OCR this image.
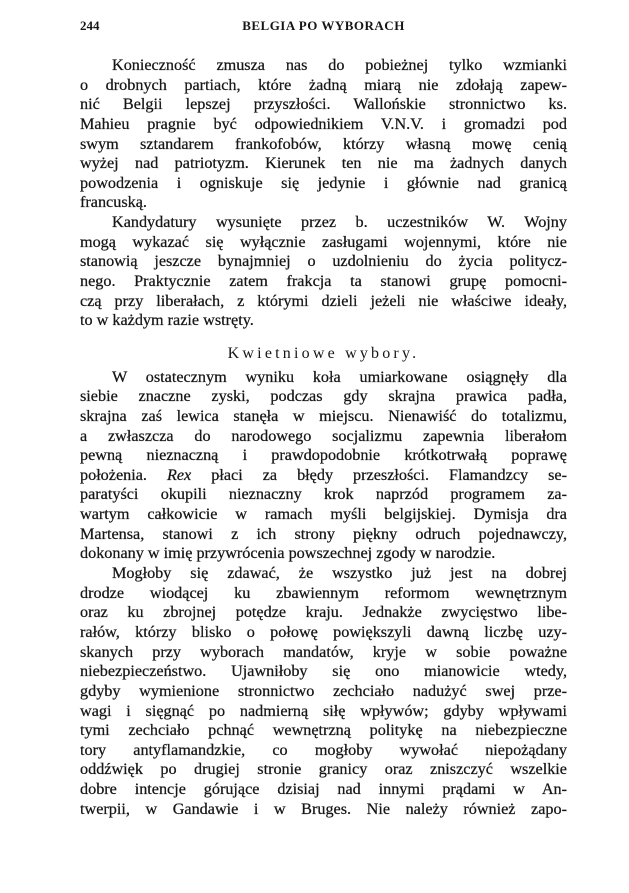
244	BELGIA PO WYBORACH
Konieczność zmusza nas do pobieżnej tylko wzmianki
o drobnych partiach, które żadną miarą nie zdołają zapew-
nić Belgii lepszej przyszłości. Wallońskie stronnictwo ks.
Mahieu pragnie być odpowiednikiem V.N.V. i gromadzi pod
swym sztandarem frankofobów, którzy własną mowę cenią
wyżej nad patriotyzm. Kierunek ten nie ma żadnych danych
powodzenia i ogniskuje się jedynie i głównie nad granicą
francuską.
Kandydatury wysunięte przez b. uczestników W. Wojny
mogą wykazać się wyłącznie zasługami wojennymi, które nie
stanowią jeszcze bynajmniej o uzdolnieniu do życia politycz-
nego. Praktycznie zatem frakcja ta stanowi grupę pomocni-
czą przy liberałach, z którymi dzieli jeżeli nie właściwe ideały,
to w każdym razie wstręty.
Kwietniowe wybory.
W ostatecznym wyniku koła umiarkowane osiągnęły dla
siebie znaczne zyski, podczas gdy skrajna prawica padła,
skrajna zaś lewica stanęła w miejscu. Nienawiść do totalizmu,
a zwłaszcza do narodowego socjalizmu zapewnia liberałom
pewną nieznaczną i prawdopodobnie krótkotrwałą poprawę
położenia. Rex płaci za błędy przeszłości. Flamandzcy se-
paratyści okupili nieznaczny krok naprzód programem za-
wartym całkowicie w ramach myśli belgijskiej. Dymisja dra
Martensa, stanowi z ich strony piękny odruch pojednawczy,
dokonany w imię przywrócenia powszechnej zgody w narodzie.
Mogłoby się zdawać, że wszystko już jest na dobrej
drodze wiodącej ku zbawiennym reformom wewnętrznym
oraz ku zbrojnej potędze kraju. Jednakże zwycięstwo libe-
rałów, którzy blisko o połowę powiększyli dawną liczbę uzy-
skanych przy wyborach mandatów, kryje w sobie poważne
niebezpieczeństwo. Ujawniłoby się ono mianowicie wtedy,
gdyby wymienione stronnictwo zechciało nadużyć swej prze-
wagi i sięgnąć po nadmierną siłę wpływów; gdyby wpływami
tymi zechciało pchnąć wewnętrzną politykę na niebezpieczne
tory antyflamandzkie, co mogłoby wywołać niepożądany
oddźwięk po drugiej stronie granicy oraz zniszczyć wszelkie
dobre intencje górujące dzisiaj nad innymi prądami w An-
twerpii, w Gandawie i w Bruges. Nie należy również zapo-
